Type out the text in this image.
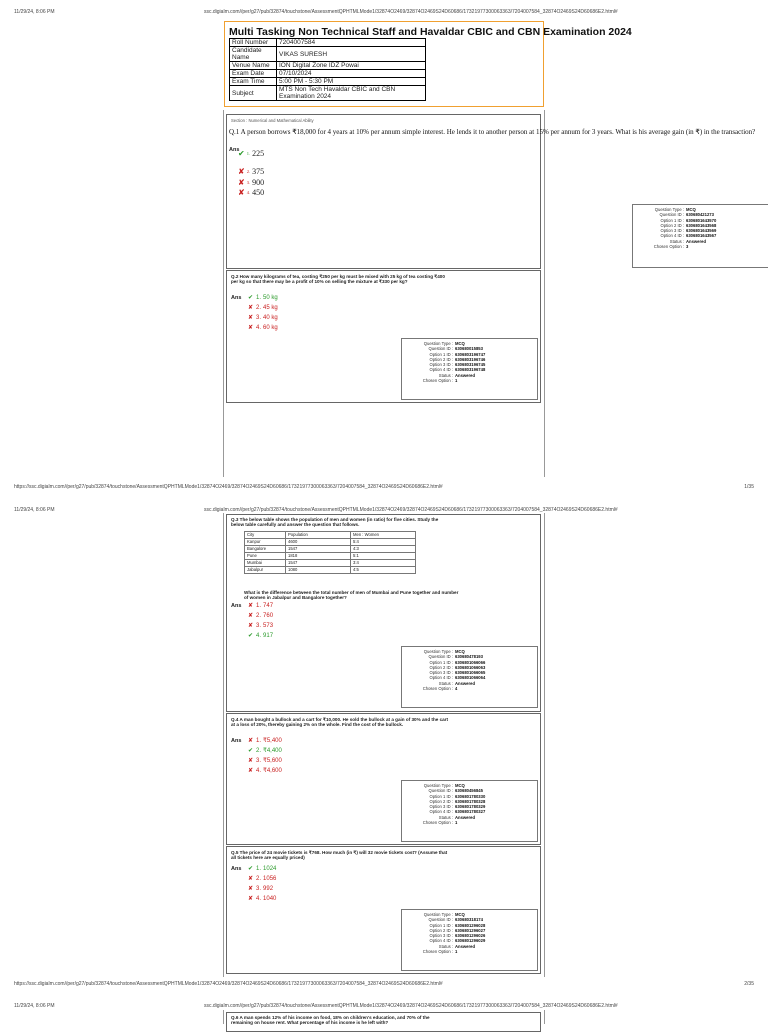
11/29/24, 8:06 PM	ssc.digialm.com//per/g27/pub/32874/touchstone/AssessmentQPHTMLMode1/32874O2469/32874O2469S24D60686/17321977300063363/7204007584_32874O2469S24D60686E2.html#
Multi Tasking Non Technical Staff and Havaldar CBIC and CBN Examination 2024
Roll Number	7204007584
Candidate Name	VIKAS SURESH
Venue Name	ION Digital Zone IDZ Powai
Exam Date	07/10/2024
Exam Time	5:00 PM - 5:30 PM
Subject	MTS Non Tech Havaldar CBIC and CBN Examination 2024
Section : Numerical and Mathematical Ability
Q.1 A person borrows ₹18,000 for 4 years at 10% per annum simple interest. He lends it to another person at 15% per annum for 3 years. What is his average gain (in ₹) in the transaction?
Ans
✔ 1. 225
✘ 2. 375
✘ 3. 900
✘ 4. 450
Question Type : MCQ
Question ID : 630680421273
Option 1 ID : 6306801643570
Option 2 ID : 6306801643568
Option 3 ID : 6306801643569
Option 4 ID : 6306801643567
Status : Answered
Chosen Option : 3
Q.2 How many kilograms of tea, costing ₹250 per kg must be mixed with 25 kg of tea costing ₹400 per kg so that there may be a profit of 10% on selling the mixture at ₹330 per kg?
Ans ✔ 1. 50 kg
✘ 2. 45 kg
✘ 3. 40 kg
✘ 4. 60 kg
Question Type : MCQ
Question ID : 630680015853
Option 1 ID : 6306803196747
Option 2 ID : 6306803196746
Option 3 ID : 6306803196745
Option 4 ID : 6306803196748
Status : Answered
Chosen Option : 1
https://ssc.digialm.com//per/g27/pub/32874/touchstone/AssessmentQPHTMLMode1/32874O2469/32874O2469S24D60686/17321977300063363/7204007584_32874O2469S24D60686E2.html#	1/35
11/29/24, 8:06 PM	ssc.digialm.com//per/g27/pub/32874/touchstone/AssessmentQPHTMLMode1/32874O2469/32874O2469S24D60686/17321977300063363/7204007584_32874O2469S24D60686E2.html#
Q.3 The below table shows the population of men and women (in ratio) for five cities. Study the below table carefully and answer the question that follows.
City	Population	Men : Women
Kanpur	4600	5:4
Bangalore	1547	4:3
Pune	1818	5:1
Mumbai	1547	3:4
Jabalpur	1080	4:5
What is the difference between the total number of men of Mumbai and Pune together and number of women in Jabalpur and Bangalore together?
Ans ✘ 1. 747
✘ 2. 760
✘ 3. 573
✔ 4. 917
Question Type : MCQ
Question ID : 630680478193
Option 1 ID : 6306801066066
Option 2 ID : 6306801066063
Option 3 ID : 6306801066065
Option 4 ID : 6306801066064
Status : Answered
Chosen Option : 4
Q.4 A man bought a bullock and a cart for ₹10,000. He sold the bullock at a gain of 30% and the cart at a loss of 20%, thereby gaining 2% on the whole. Find the cost of the bullock.
Ans ✘ 1. ₹5,400
✔ 2. ₹4,400
✘ 3. ₹5,600
✘ 4. ₹4,600
Question Type : MCQ
Question ID : 630680456845
Option 1 ID : 6306801780330
Option 2 ID : 6306801780328
Option 3 ID : 6306801780329
Option 4 ID : 6306801780327
Status : Answered
Chosen Option : 1
Q.5 The price of 24 movie tickets is ₹768. How much (in ₹) will 32 movie tickets cost? (Assume that all tickets here are equally priced)
Ans ✔ 1. 1024
✘ 2. 1056
✘ 3. 992
✘ 4. 1040
Question Type : MCQ
Question ID : 630680318174
Option 1 ID : 6306801296028
Option 2 ID : 6306801296027
Option 3 ID : 6306801296026
Option 4 ID : 6306801296029
Status : Answered
Chosen Option : 1
https://ssc.digialm.com//per/g27/pub/32874/touchstone/AssessmentQPHTMLMode1/32874O2469/32874O2469S24D60686/17321977300063363/7204007584_32874O2469S24D60686E2.html#	2/35
11/29/24, 8:06 PM	ssc.digialm.com//per/g27/pub/32874/touchstone/AssessmentQPHTMLMode1/32874O2469/32874O2469S24D60686/17321977300063363/7204007584_32874O2469S24D60686E2.html#
Q.6 A man spends 12% of his income on food, 18% on children's education, and 70% of the remaining on house rent. What percentage of his income is he left with?
